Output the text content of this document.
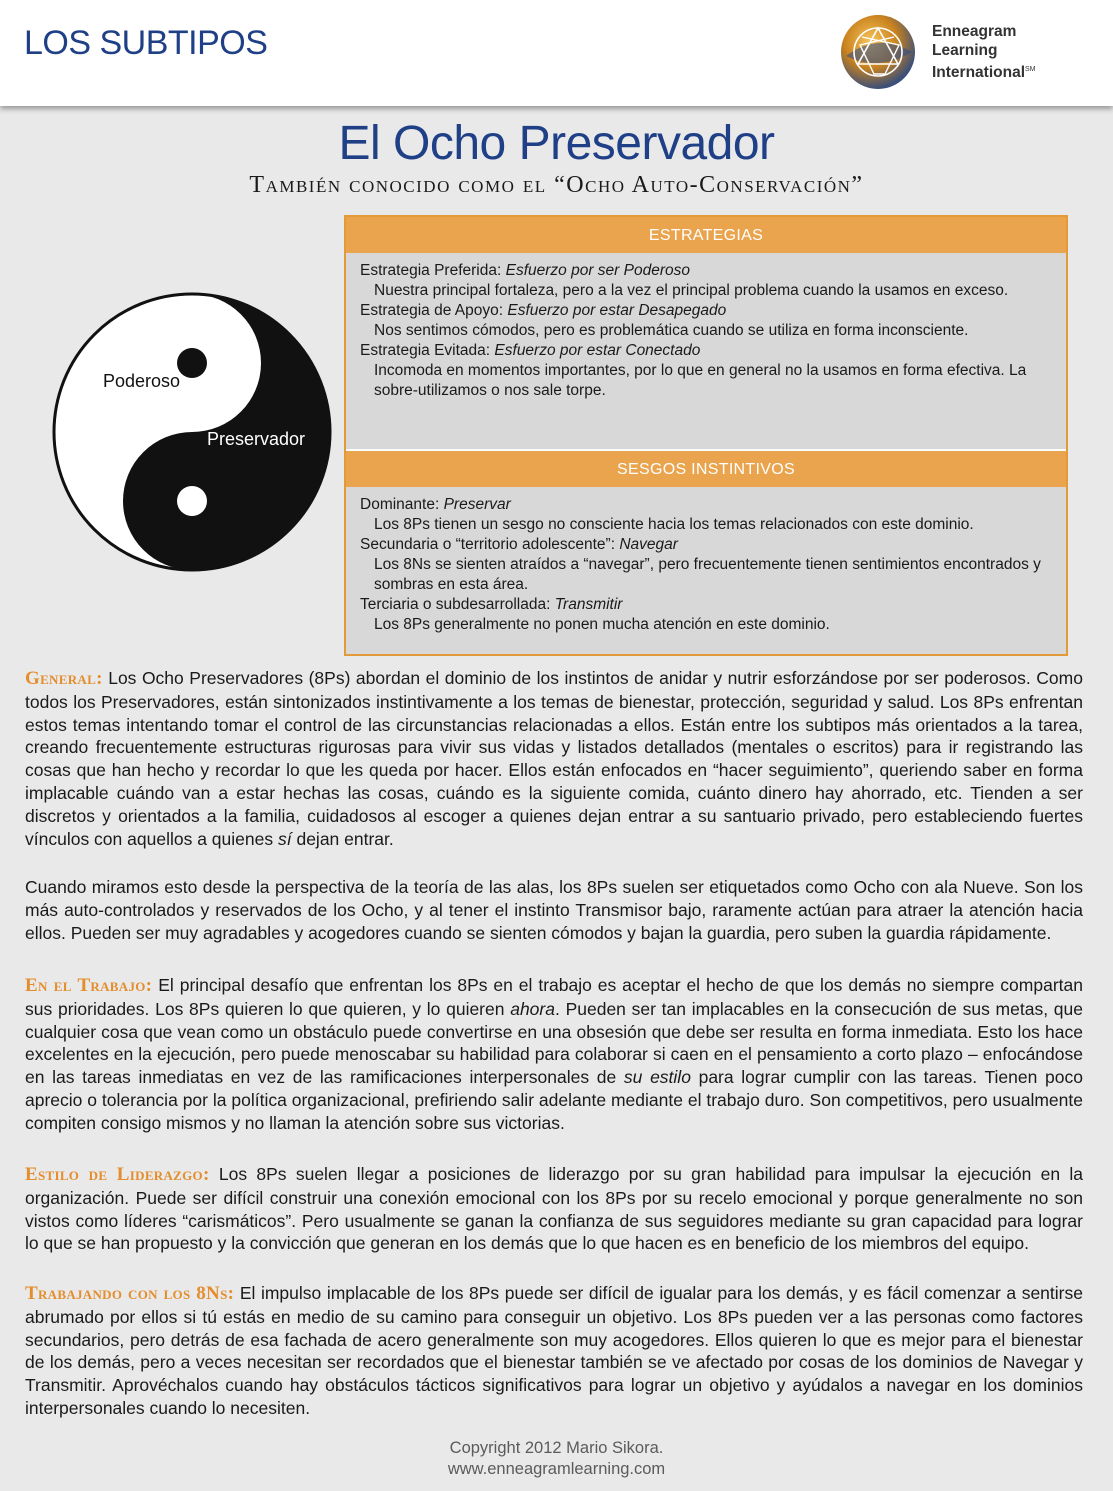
LOS SUBTIPOS	Enneagram
Learning
International℠
El Ocho Preservador
También conocido como el “Ocho Auto-Conservación”
Poderoso
Preservador
ESTRATEGIAS

Estrategia Preferida: Esfuerzo por ser Poderoso

Nuestra principal fortaleza, pero a la vez el principal problema cuando la usamos en exceso.

Estrategia de Apoyo: Esfuerzo por estar Desapegado

Nos sentimos cómodos, pero es problemática cuando se utiliza en forma inconsciente.

Estrategia Evitada: Esfuerzo por estar Conectado

Incomoda en momentos importantes, por lo que en general no la usamos en forma efectiva. La sobre-utilizamos o nos sale torpe.

SESGOS INSTINTIVOS

Dominante: Preservar

Los 8Ps tienen un sesgo no consciente hacia los temas relacionados con este dominio.

Secundaria o “territorio adolescente”: Navegar

Los 8Ns se sienten atraídos a “navegar”, pero frecuentemente tienen sentimientos encontrados y sombras en esta área.

Terciaria o subdesarrollada: Transmitir

Los 8Ps generalmente no ponen mucha atención en este dominio.

General: Los Ocho Preservadores (8Ps) abordan el dominio de los instintos de anidar y nutrir esforzándose por ser poderosos. Como todos los Preservadores, están sintonizados instintivamente a los temas de bienestar, protección, seguridad y salud. Los 8Ps enfrentan estos temas intentando tomar el control de las circunstancias relacionadas a ellos. Están entre los subtipos más orientados a la tarea, creando frecuentemente estructuras rigurosas para vivir sus vidas y listados detallados (mentales o escritos) para ir registrando las cosas que han hecho y recordar lo que les queda por hacer. Ellos están enfocados en “hacer seguimiento”, queriendo saber en forma implacable cuándo van a estar hechas las cosas, cuándo es la siguiente comida, cuánto dinero hay ahorrado, etc. Tienden a ser discretos y orientados a la familia, cuidadosos al escoger a quienes dejan entrar a su santuario privado, pero estableciendo fuertes vínculos con aquellos a quienes sí dejan entrar.

Cuando miramos esto desde la perspectiva de la teoría de las alas, los 8Ps suelen ser etiquetados como Ocho con ala Nueve. Son los más auto-controlados y reservados de los Ocho, y al tener el instinto Transmisor bajo, raramente actúan para atraer la atención hacia ellos. Pueden ser muy agradables y acogedores cuando se sienten cómodos y bajan la guardia, pero suben la guardia rápidamente.

En el Trabajo: El principal desafío que enfrentan los 8Ps en el trabajo es aceptar el hecho de que los demás no siempre compartan sus prioridades. Los 8Ps quieren lo que quieren, y lo quieren ahora. Pueden ser tan implacables en la consecución de sus metas, que cualquier cosa que vean como un obstáculo puede convertirse en una obsesión que debe ser resulta en forma inmediata. Esto los hace excelentes en la ejecución, pero puede menoscabar su habilidad para colaborar si caen en el pensamiento a corto plazo – enfocándose en las tareas inmediatas en vez de las ramificaciones interpersonales de su estilo para lograr cumplir con las tareas. Tienen poco aprecio o tolerancia por la política organizacional, prefiriendo salir adelante mediante el trabajo duro. Son competitivos, pero usualmente compiten consigo mismos y no llaman la atención sobre sus victorias.

Estilo de Liderazgo: Los 8Ps suelen llegar a posiciones de liderazgo por su gran habilidad para impulsar la ejecución en la organización. Puede ser difícil construir una conexión emocional con los 8Ps por su recelo emocional y porque generalmente no son vistos como líderes “carismáticos”. Pero usualmente se ganan la confianza de sus seguidores mediante su gran capacidad para lograr lo que se han propuesto y la convicción que generan en los demás que lo que hacen es en beneficio de los miembros del equipo.

Trabajando con los 8Ns: El impulso implacable de los 8Ps puede ser difícil de igualar para los demás, y es fácil comenzar a sentirse abrumado por ellos si tú estás en medio de su camino para conseguir un objetivo. Los 8Ps pueden ver a las personas como factores secundarios, pero detrás de esa fachada de acero generalmente son muy acogedores. Ellos quieren lo que es mejor para el bienestar de los demás, pero a veces necesitan ser recordados que el bienestar también se ve afectado por cosas de los dominios de Navegar y Transmitir. Aprovéchalos cuando hay obstáculos tácticos significativos para lograr un objetivo y ayúdalos a navegar en los dominios interpersonales cuando lo necesiten.

Copyright 2012 Mario Sikora.
www.enneagramlearning.com
